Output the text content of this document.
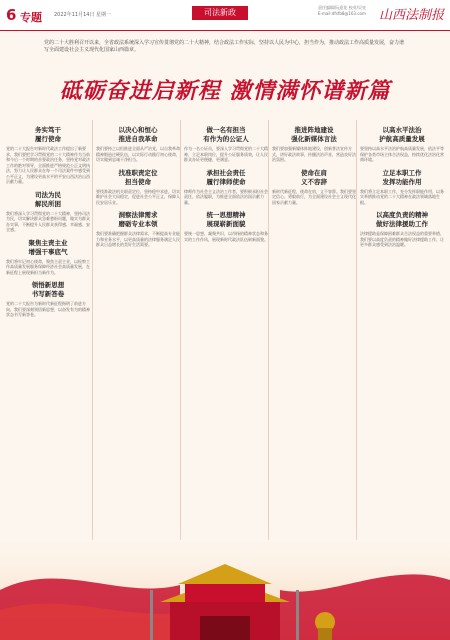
6 专题 2022年11月14日 星期一	司法新政
责任编辑/阮迎花 校对/吴亮
E-mail:dfsfb8@163.com	山西法制报
党的二十大胜利召开以来，全省政法系统深入学习宣传贯彻党的二十大精神，结合政法工作实际，坚持以人民为中心，担当作为，推动政法工作高质量发展，奋力谱写全面建设社会主义现代化国家山西篇章。
砥砺奋进启新程 激情满怀谱新篇
务实笃干
履行使命
党的二十大报告对新时代政法工作提出了新要求，我们要把学习贯彻党的二十大精神作为当前和今后一个时期的首要政治任务，坚持党对政法工作的绝对领导，全面推进严格规范公正文明执法，努力让人民群众在每一个司法案件中感受到公平正义，为建设更高水平的平安山西法治山西贡献力量。
司法为民
解民所困
我们将深入学习贯彻党的二十大精神，坚持司法为民，切实解决群众急难愁盼问题，做实为群众办实事，不断提升人民群众获得感、幸福感、安全感。
聚焦主责主业
增强干事底气
我们将牢记初心使命，聚焦主责主业，以检察工作高质量发展服务保障经济社会高质量发展，在新征程上展现新担当新作为。
领悟新思想
书写新答卷
党的二十大报告为新时代新征程指明了前进方向，我们要深刻领悟新思想，以奋发有为的精神状态书写新答卷。
以决心和恒心
推进自我革命
我们要持之以恒推进全面从严治党，以自我革命精神锻造过硬队伍，以实际行动践行初心使命，切实做到忠诚干净担当。
找准职责定位
担当使命
要找准政法机关职责定位，坚持稳中求进，切实维护社会大局稳定，促进社会公平正义，保障人民安居乐业。
洞察法律需求
磨砺专业本领
我们要准确把握群众法律需求，不断提高专业能力和业务水平，以更高质量的法律服务满足人民群众日益增长的美好生活需要。
做一名有担当
有作为的公证人
作为一名公证员，要深入学习贯彻党的二十大精神，立足本职岗位，提升公证服务质效，让人民群众办证更便捷、更满意。
承担社会责任
履行律师使命
律师作为社会主义法治工作者，要积极承担社会责任，依法履职，为推进全面依法治国贡献力量。
统一思想精神
展现崭新面貌
要统一思想、凝聚共识，以昂扬的精神状态和务实的工作作风，展现新时代政法队伍崭新面貌。
推进阵地建设
强化新媒体言法
我们要加强新媒体阵地建设，创新普法宣传方式，讲好政法故事，传播法治声音，营造良好法治氛围。
使命在肩
义不容辞
新时代新征程，使命在肩，义不容辞。我们要坚定信心、勇毅前行，为全面建设社会主义现代化国家贡献力量。
以高水平法治
护航高质量发展
要坚持以高水平法治护航高质量发展，依法平等保护各类市场主体合法权益，持续优化法治化营商环境。
立足本职工作
发挥功能作用
我们将立足本职工作，充分发挥职能作用，以务实举措推动党的二十大精神在政法领域落地生根。
以高度负责的精神
做好法律援助工作
法律援助是保障困难群众合法权益的重要举措，我们要以高度负责的精神做好法律援助工作，让更多群众感受到法治温暖。
